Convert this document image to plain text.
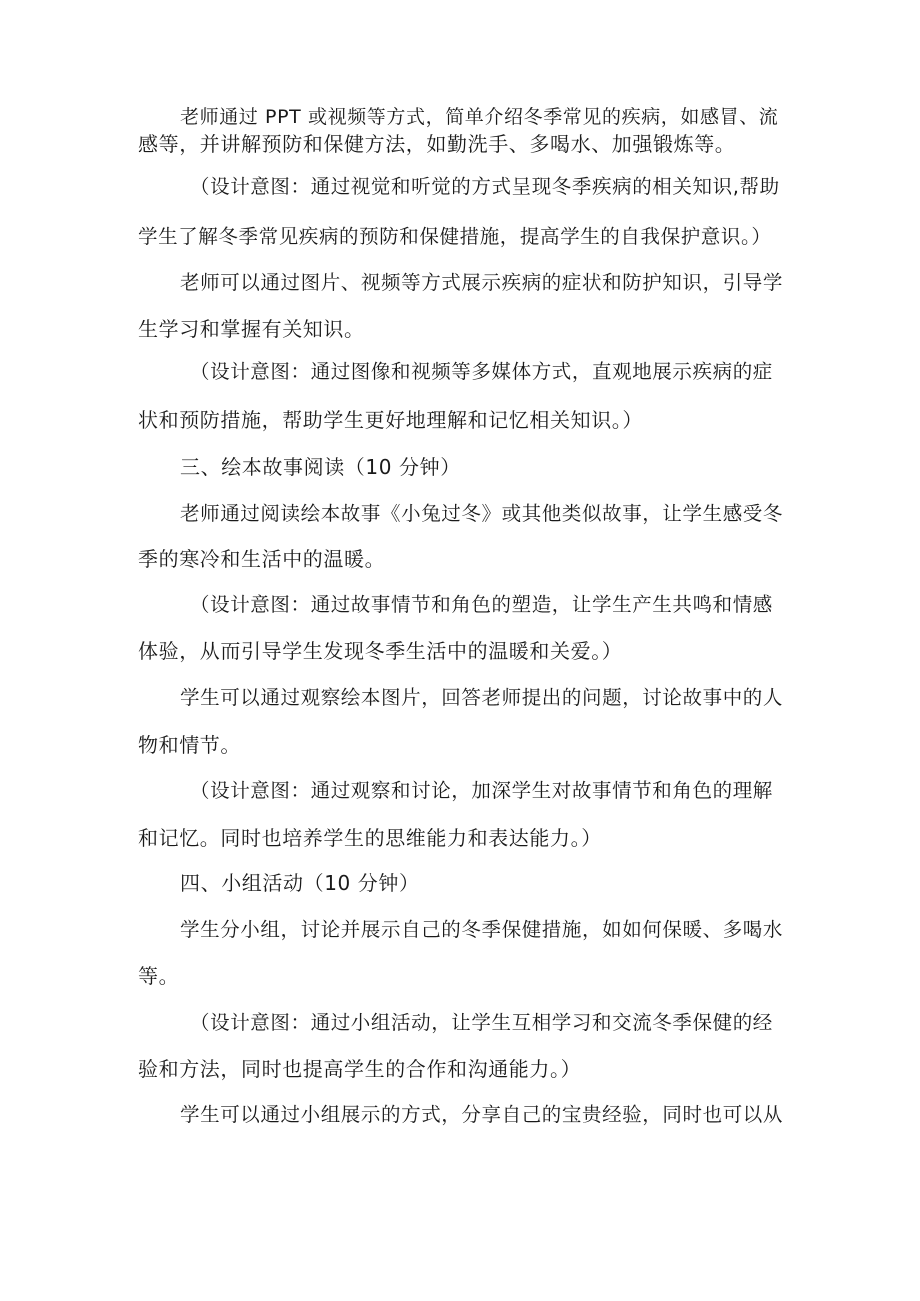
老师通过 PPT 或视频等方式，简单介绍冬季常见的疾病，如感冒、流
感等，并讲解预防和保健方法，如勤洗手、多喝水、加强锻炼等。
（设计意图：通过视觉和听觉的方式呈现冬季疾病的相关知识,帮助
学生了解冬季常见疾病的预防和保健措施，提高学生的自我保护意识。）
老师可以通过图片、视频等方式展示疾病的症状和防护知识，引导学
生学习和掌握有关知识。
（设计意图：通过图像和视频等多媒体方式，直观地展示疾病的症
状和预防措施，帮助学生更好地理解和记忆相关知识。）
三、绘本故事阅读（10 分钟）
老师通过阅读绘本故事《小兔过冬》或其他类似故事，让学生感受冬
季的寒冷和生活中的温暖。
（设计意图：通过故事情节和角色的塑造，让学生产生共鸣和情感
体验，从而引导学生发现冬季生活中的温暖和关爱。）
学生可以通过观察绘本图片，回答老师提出的问题，讨论故事中的人
物和情节。
（设计意图：通过观察和讨论，加深学生对故事情节和角色的理解
和记忆。同时也培养学生的思维能力和表达能力。）
四、小组活动（10 分钟）
学生分小组，讨论并展示自己的冬季保健措施，如如何保暖、多喝水
等。
（设计意图：通过小组活动，让学生互相学习和交流冬季保健的经
验和方法，同时也提高学生的合作和沟通能力。）
学生可以通过小组展示的方式，分享自己的宝贵经验，同时也可以从
